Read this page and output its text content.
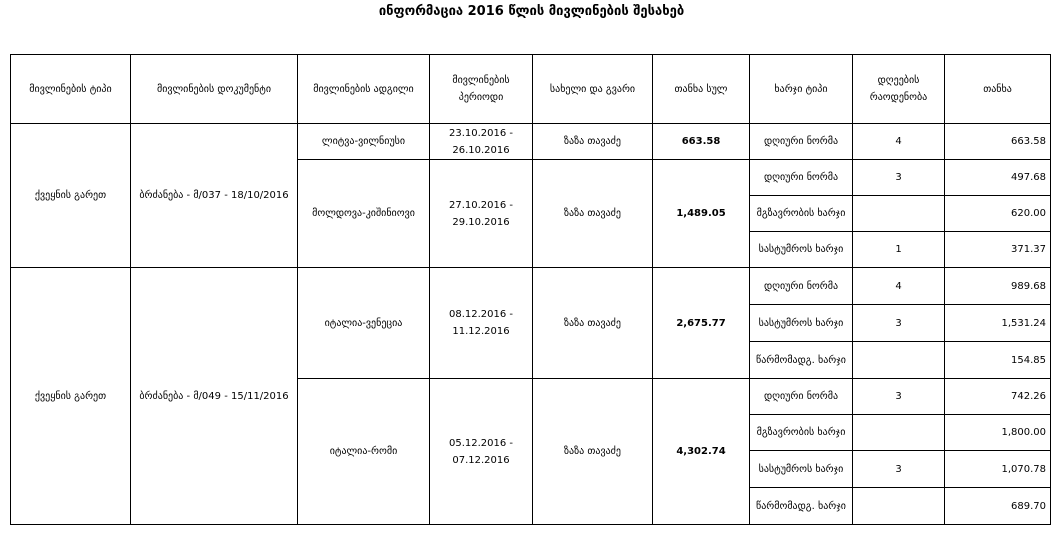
ინფორმაცია 2016 წლის მივლინების შესახებ
მივლინების ტიპი	მივლინების დოკუმენტი	მივლინების ადგილი	მივლინების პერიოდი	სახელი და გვარი	თანხა სულ	ხარჯი ტიპი	დღეების რაოდენობა	თანხა
ქვეყნის გარეთ	ბრძანება - მ/037 - 18/10/2016	ლიტვა-ვილნიუსი	23.10.2016 -
26.10.2016	ზაზა თავაძე	663.58	დღიური ნორმა	4	663.58
		მოლდოვა-კიშინიოვი	27.10.2016 -
29.10.2016	ზაზა თავაძე	1,489.05	დღიური ნორმა	3	497.68
						მგზავრობის ხარჯი		620.00
						სასტუმროს ხარჯი	1	371.37
ქვეყნის გარეთ	ბრძანება - მ/049 - 15/11/2016	იტალია-ვენეცია	08.12.2016 -
11.12.2016	ზაზა თავაძე	2,675.77	დღიური ნორმა	4	989.68
						სასტუმროს ხარჯი	3	1,531.24
						წარმომადგ. ხარჯი		154.85
		იტალია-რომი	05.12.2016 -
07.12.2016	ზაზა თავაძე	4,302.74	დღიური ნორმა	3	742.26
						მგზავრობის ხარჯი		1,800.00
						სასტუმროს ხარჯი	3	1,070.78
						წარმომადგ. ხარჯი		689.70
